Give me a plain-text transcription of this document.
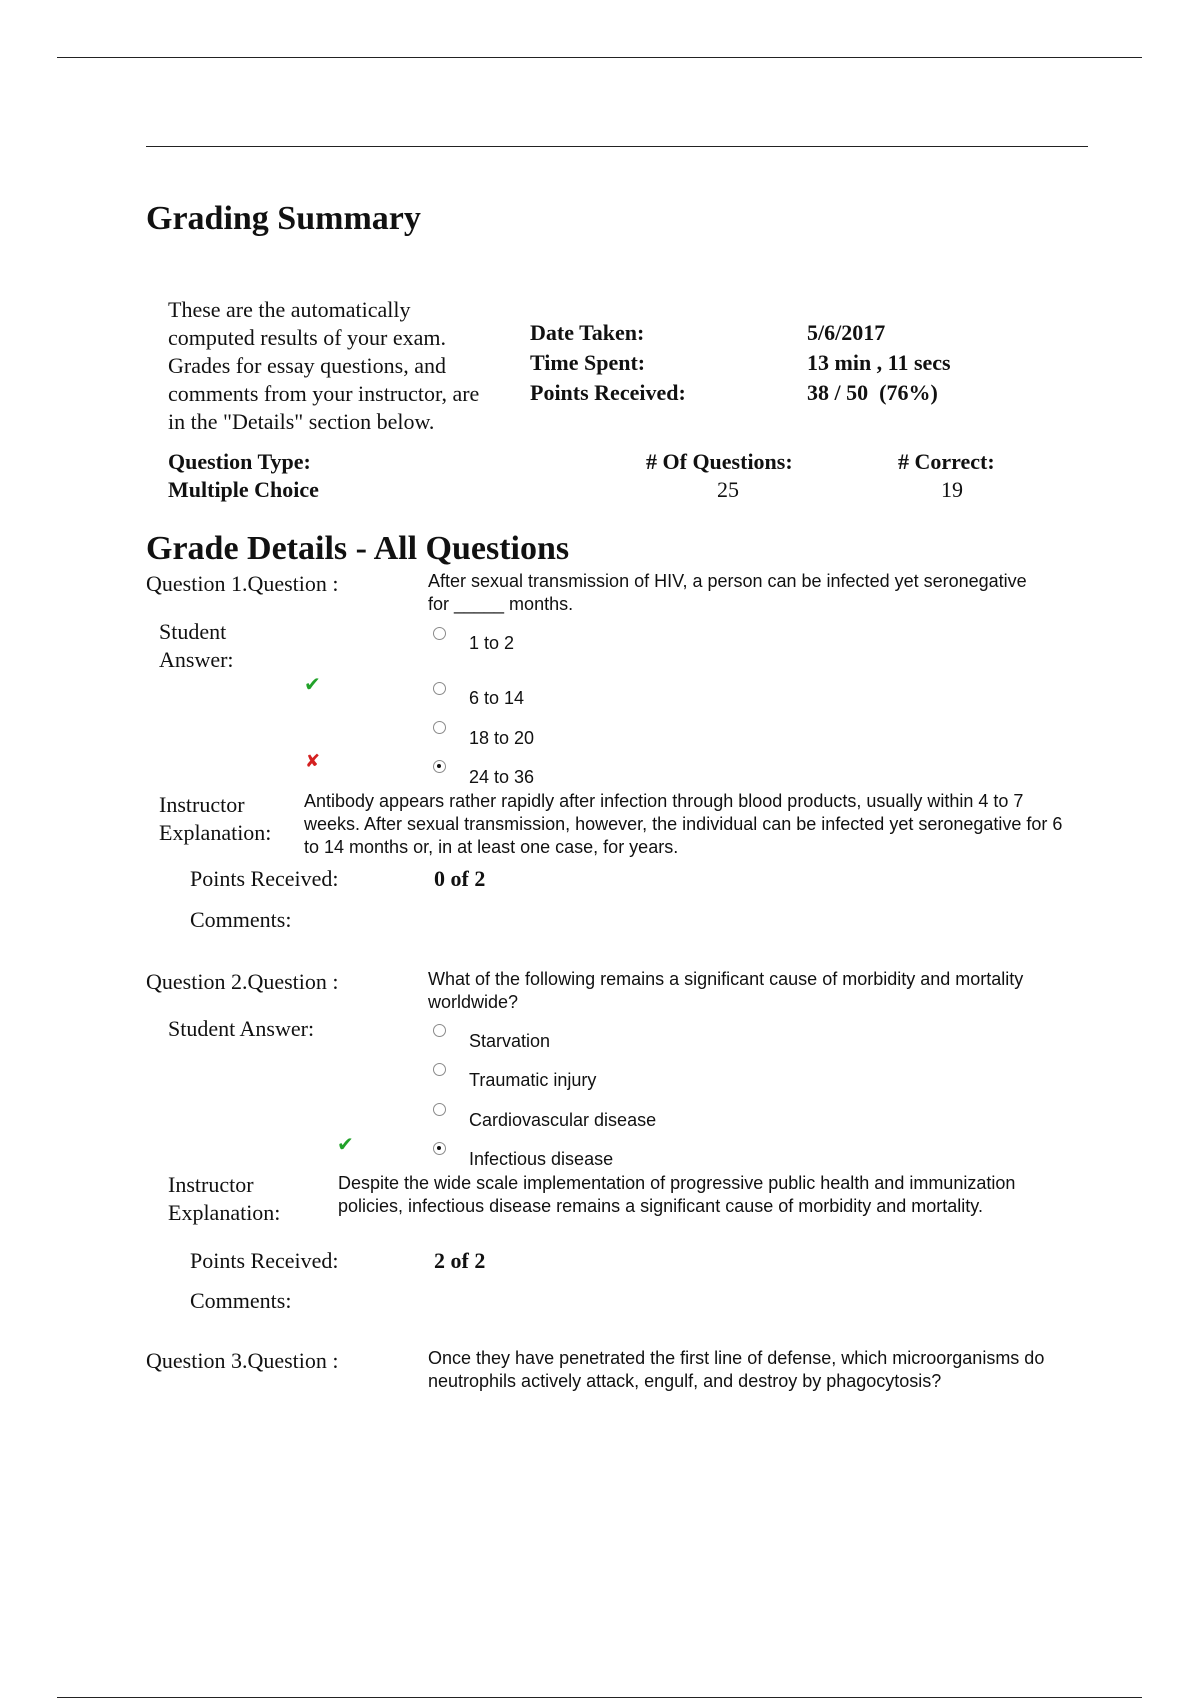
Grading Summary
These are the automatically
computed results of your exam.
Grades for essay questions, and
comments from your instructor, are
in the "Details" section below.
Date Taken:	5/6/2017
Time Spent:	13 min , 11 secs
Points Received:	38 / 50  (76%)
Question Type:	# Of Questions:	# Correct:
Multiple Choice	25	19
Grade Details - All Questions
Question 1.Question :	After sexual transmission of HIV, a person can be infected yet seronegative for _____ months.
Student Answer:
1 to 2
✔
6 to 14
18 to 20
✘
24 to 36
Instructor Explanation:
Antibody appears rather rapidly after infection through blood products, usually within 4 to 7 weeks. After sexual transmission, however, the individual can be infected yet seronegative for 6 to 14 months or, in at least one case, for years.
Points Received:	0 of 2
Comments:
Question 2.Question :	What of the following remains a significant cause of morbidity and mortality worldwide?
Student Answer:	Starvation
Traumatic injury
Cardiovascular disease
✔
Infectious disease
Instructor Explanation:
Despite the wide scale implementation of progressive public health and immunization policies, infectious disease remains a significant cause of morbidity and mortality.
Points Received:	2 of 2
Comments:
Question 3.Question :	Once they have penetrated the first line of defense, which microorganisms do neutrophils actively attack, engulf, and destroy by phagocytosis?
